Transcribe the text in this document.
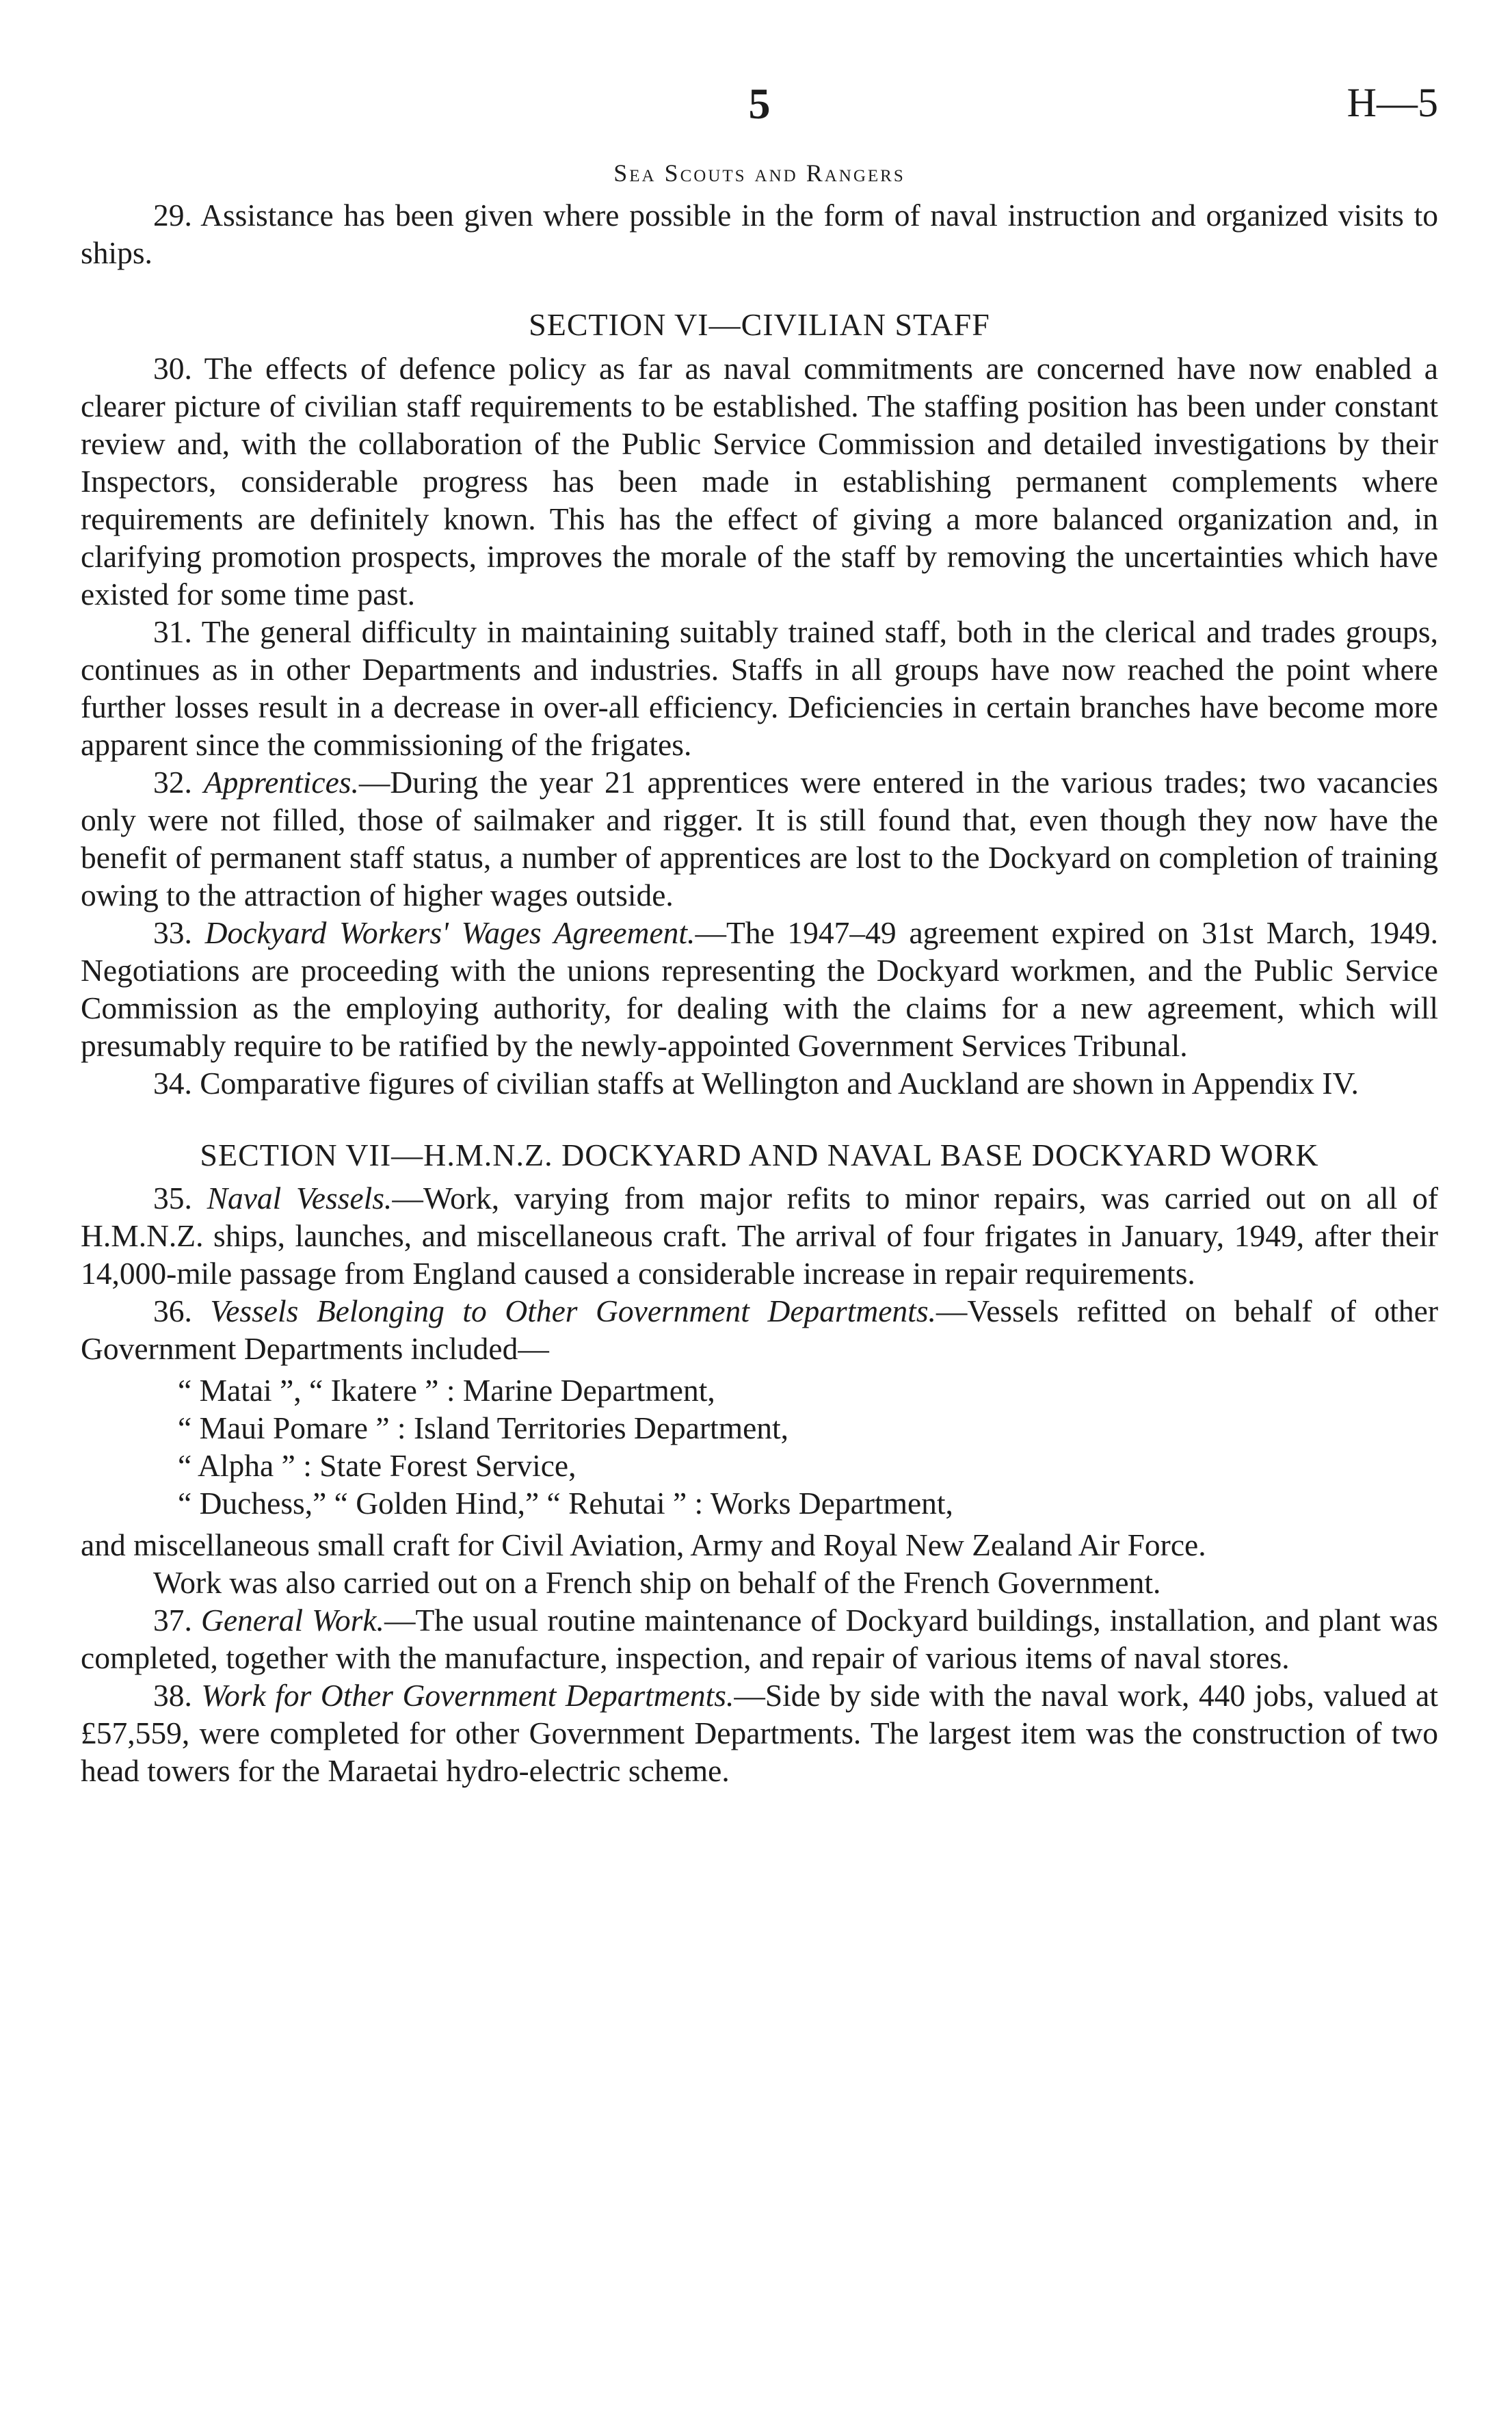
5	H—5
Sea Scouts and Rangers

29. Assistance has been given where possible in the form of naval instruction and organized visits to ships.

SECTION VI—CIVILIAN STAFF

30. The effects of defence policy as far as naval commitments are concerned have now enabled a clearer picture of civilian staff requirements to be established. The staffing position has been under constant review and, with the collaboration of the Public Service Commission and detailed investigations by their Inspectors, considerable progress has been made in establishing permanent complements where requirements are definitely known. This has the effect of giving a more balanced organization and, in clarifying promotion prospects, improves the morale of the staff by removing the uncertainties which have existed for some time past.

31. The general difficulty in maintaining suitably trained staff, both in the clerical and trades groups, continues as in other Departments and industries. Staffs in all groups have now reached the point where further losses result in a decrease in over-all efficiency. Deficiencies in certain branches have become more apparent since the commissioning of the frigates.

32. Apprentices.—During the year 21 apprentices were entered in the various trades; two vacancies only were not filled, those of sailmaker and rigger. It is still found that, even though they now have the benefit of permanent staff status, a number of apprentices are lost to the Dockyard on completion of training owing to the attraction of higher wages outside.

33. Dockyard Workers' Wages Agreement.—The 1947–49 agreement expired on 31st March, 1949. Negotiations are proceeding with the unions representing the Dockyard workmen, and the Public Service Commission as the employing authority, for dealing with the claims for a new agreement, which will presumably require to be ratified by the newly-appointed Government Services Tribunal.

34. Comparative figures of civilian staffs at Wellington and Auckland are shown in Appendix IV.

SECTION VII—H.M.N.Z. DOCKYARD AND NAVAL BASE DOCKYARD WORK

35. Naval Vessels.—Work, varying from major refits to minor repairs, was carried out on all of H.M.N.Z. ships, launches, and miscellaneous craft. The arrival of four frigates in January, 1949, after their 14,000-mile passage from England caused a considerable increase in repair requirements.

36. Vessels Belonging to Other Government Departments.—Vessels refitted on behalf of other Government Departments included—

“ Matai ”, “ Ikatere ” : Marine Department,
“ Maui Pomare ” : Island Territories Department,
“ Alpha ” : State Forest Service,
“ Duchess,” “ Golden Hind,” “ Rehutai ” : Works Department,

and miscellaneous small craft for Civil Aviation, Army and Royal New Zealand Air Force.

Work was also carried out on a French ship on behalf of the French Government.

37. General Work.—The usual routine maintenance of Dockyard buildings, installation, and plant was completed, together with the manufacture, inspection, and repair of various items of naval stores.

38. Work for Other Government Departments.—Side by side with the naval work, 440 jobs, valued at £57,559, were completed for other Government Departments. The largest item was the construction of two head towers for the Maraetai hydro-electric scheme.
